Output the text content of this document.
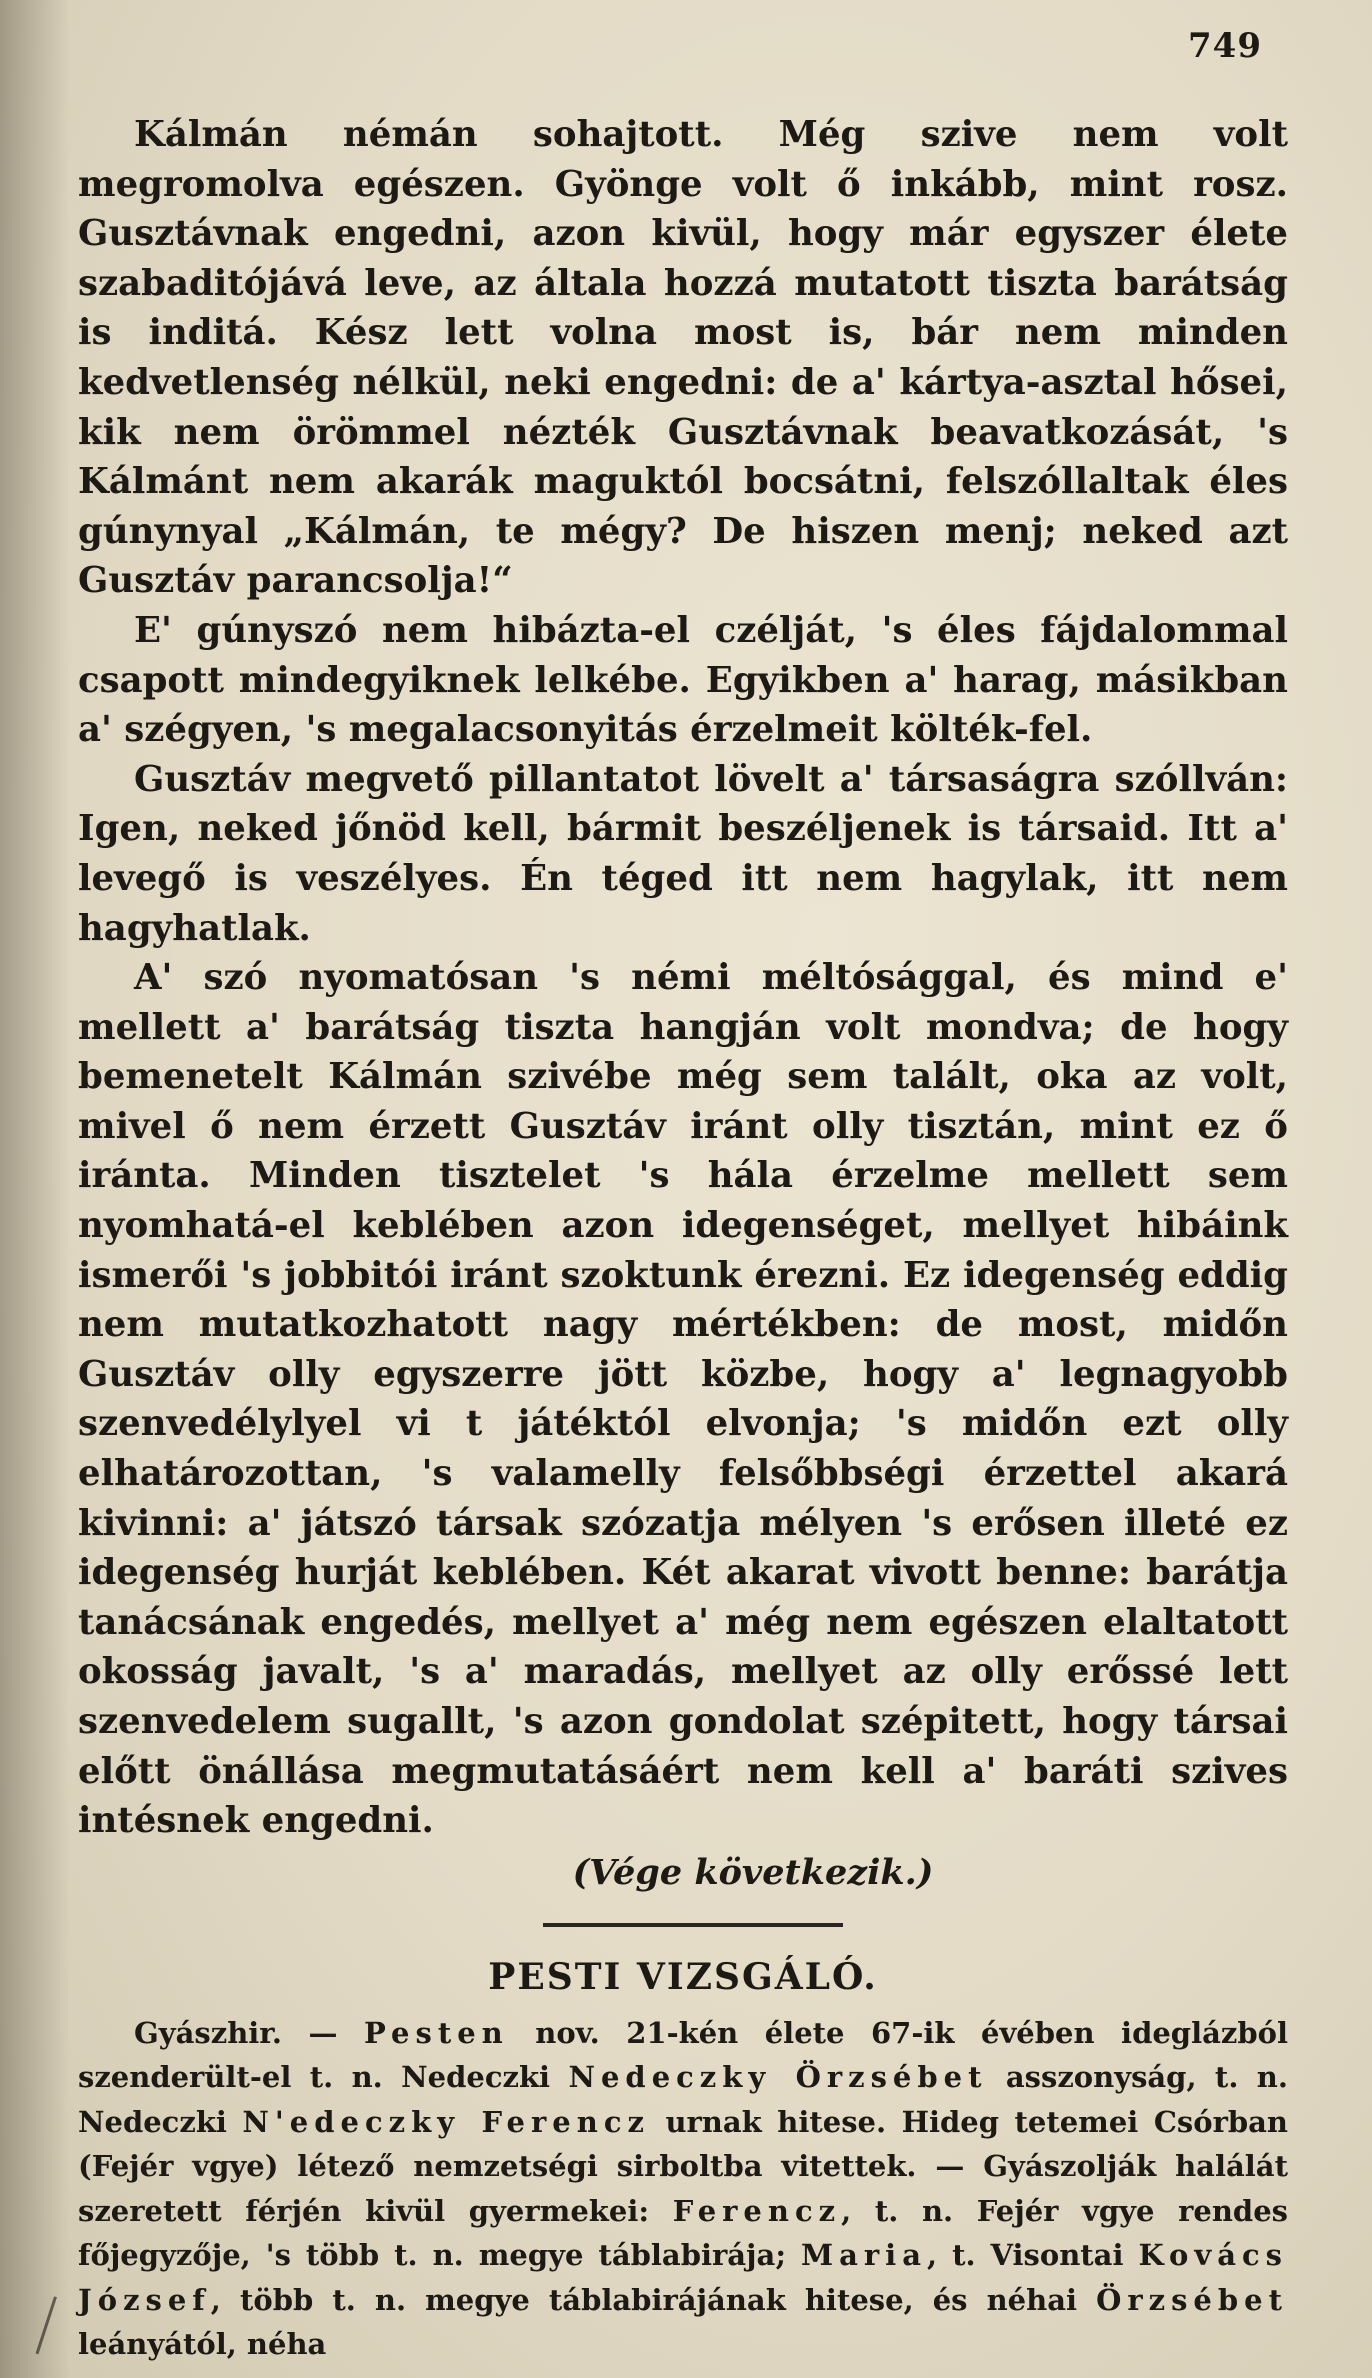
749

Kálmán némán sohajtott. Még szive nem volt megromolva egészen. Gyönge volt ő inkább, mint rosz. Gusztávnak engedni, azon kivül, hogy már egyszer élete szabaditójává leve, az általa hozzá mutatott tiszta barátság is inditá. Kész lett volna most is, bár nem minden kedvetlenség nélkül, neki engedni: de a' kártya-asztal hősei, kik nem örömmel nézték Gusztávnak beavatkozását, 's Kálmánt nem akarák maguktól bocsátni, felszóllaltak éles gúnynyal „Kálmán, te mégy? De hiszen menj; neked azt Gusztáv parancsolja!“

E' gúnyszó nem hibázta-el czélját, 's éles fájdalommal csapott mindegyiknek lelkébe. Egyikben a' harag, másikban a' szégyen, 's megalacsonyitás érzelmeit költék-fel.

Gusztáv megvető pillantatot lövelt a' társaságra szóllván: Igen, neked jőnöd kell, bármit beszéljenek is társaid. Itt a' levegő is veszélyes. Én téged itt nem hagylak, itt nem hagyhatlak.

A' szó nyomatósan 's némi méltósággal, és mind e' mellett a' barátság tiszta hangján volt mondva; de hogy bemenetelt Kálmán szivébe még sem talált, oka az volt, mivel ő nem érzett Gusztáv iránt olly tisztán, mint ez ő iránta. Minden tisztelet 's hála érzelme mellett sem nyomhatá-el keblében azon idegenséget, mellyet hibáink ismerői 's jobbitói iránt szoktunk érezni. Ez idegenség eddig nem mutatkozhatott nagy mértékben: de most, midőn Gusztáv olly egyszerre jött közbe, hogy a' legnagyobb szenvedélylyel vi t játéktól elvonja; 's midőn ezt olly elhatározottan, 's valamelly felsőbbségi érzettel akará kivinni: a' játszó társak szózatja mélyen 's erősen illeté ez idegenség hurját keblében. Két akarat vivott benne: barátja tanácsának engedés, mellyet a' még nem egészen elaltatott okosság javalt, 's a' maradás, mellyet az olly erőssé lett szenvedelem sugallt, 's azon gondolat szépitett, hogy társai előtt önállása megmutatásáért nem kell a' baráti szives intésnek engedni.

(Vége következik.)
PESTI VIZSGÁLÓ.

Gyászhir. — Pesten nov. 21-kén élete 67-ik évében ideglázból szenderült-el t. n. Nedeczki Nedeczky Örzsébet asszonyság, t. n. Nedeczki N'edeczky Ferencz urnak hitese. Hideg tetemei Csórban (Fejér vgye) létező nemzetségi sirboltba vitettek. — Gyászolják halálát szeretett férjén kivül gyermekei: Ferencz, t. n. Fejér vgye rendes főjegyzője, 's több t. n. megye táblabirája; Maria, t. Visontai Kovács József, több t. n. megye táblabirájának hitese, és néhai Örzsébet leányától, néha
